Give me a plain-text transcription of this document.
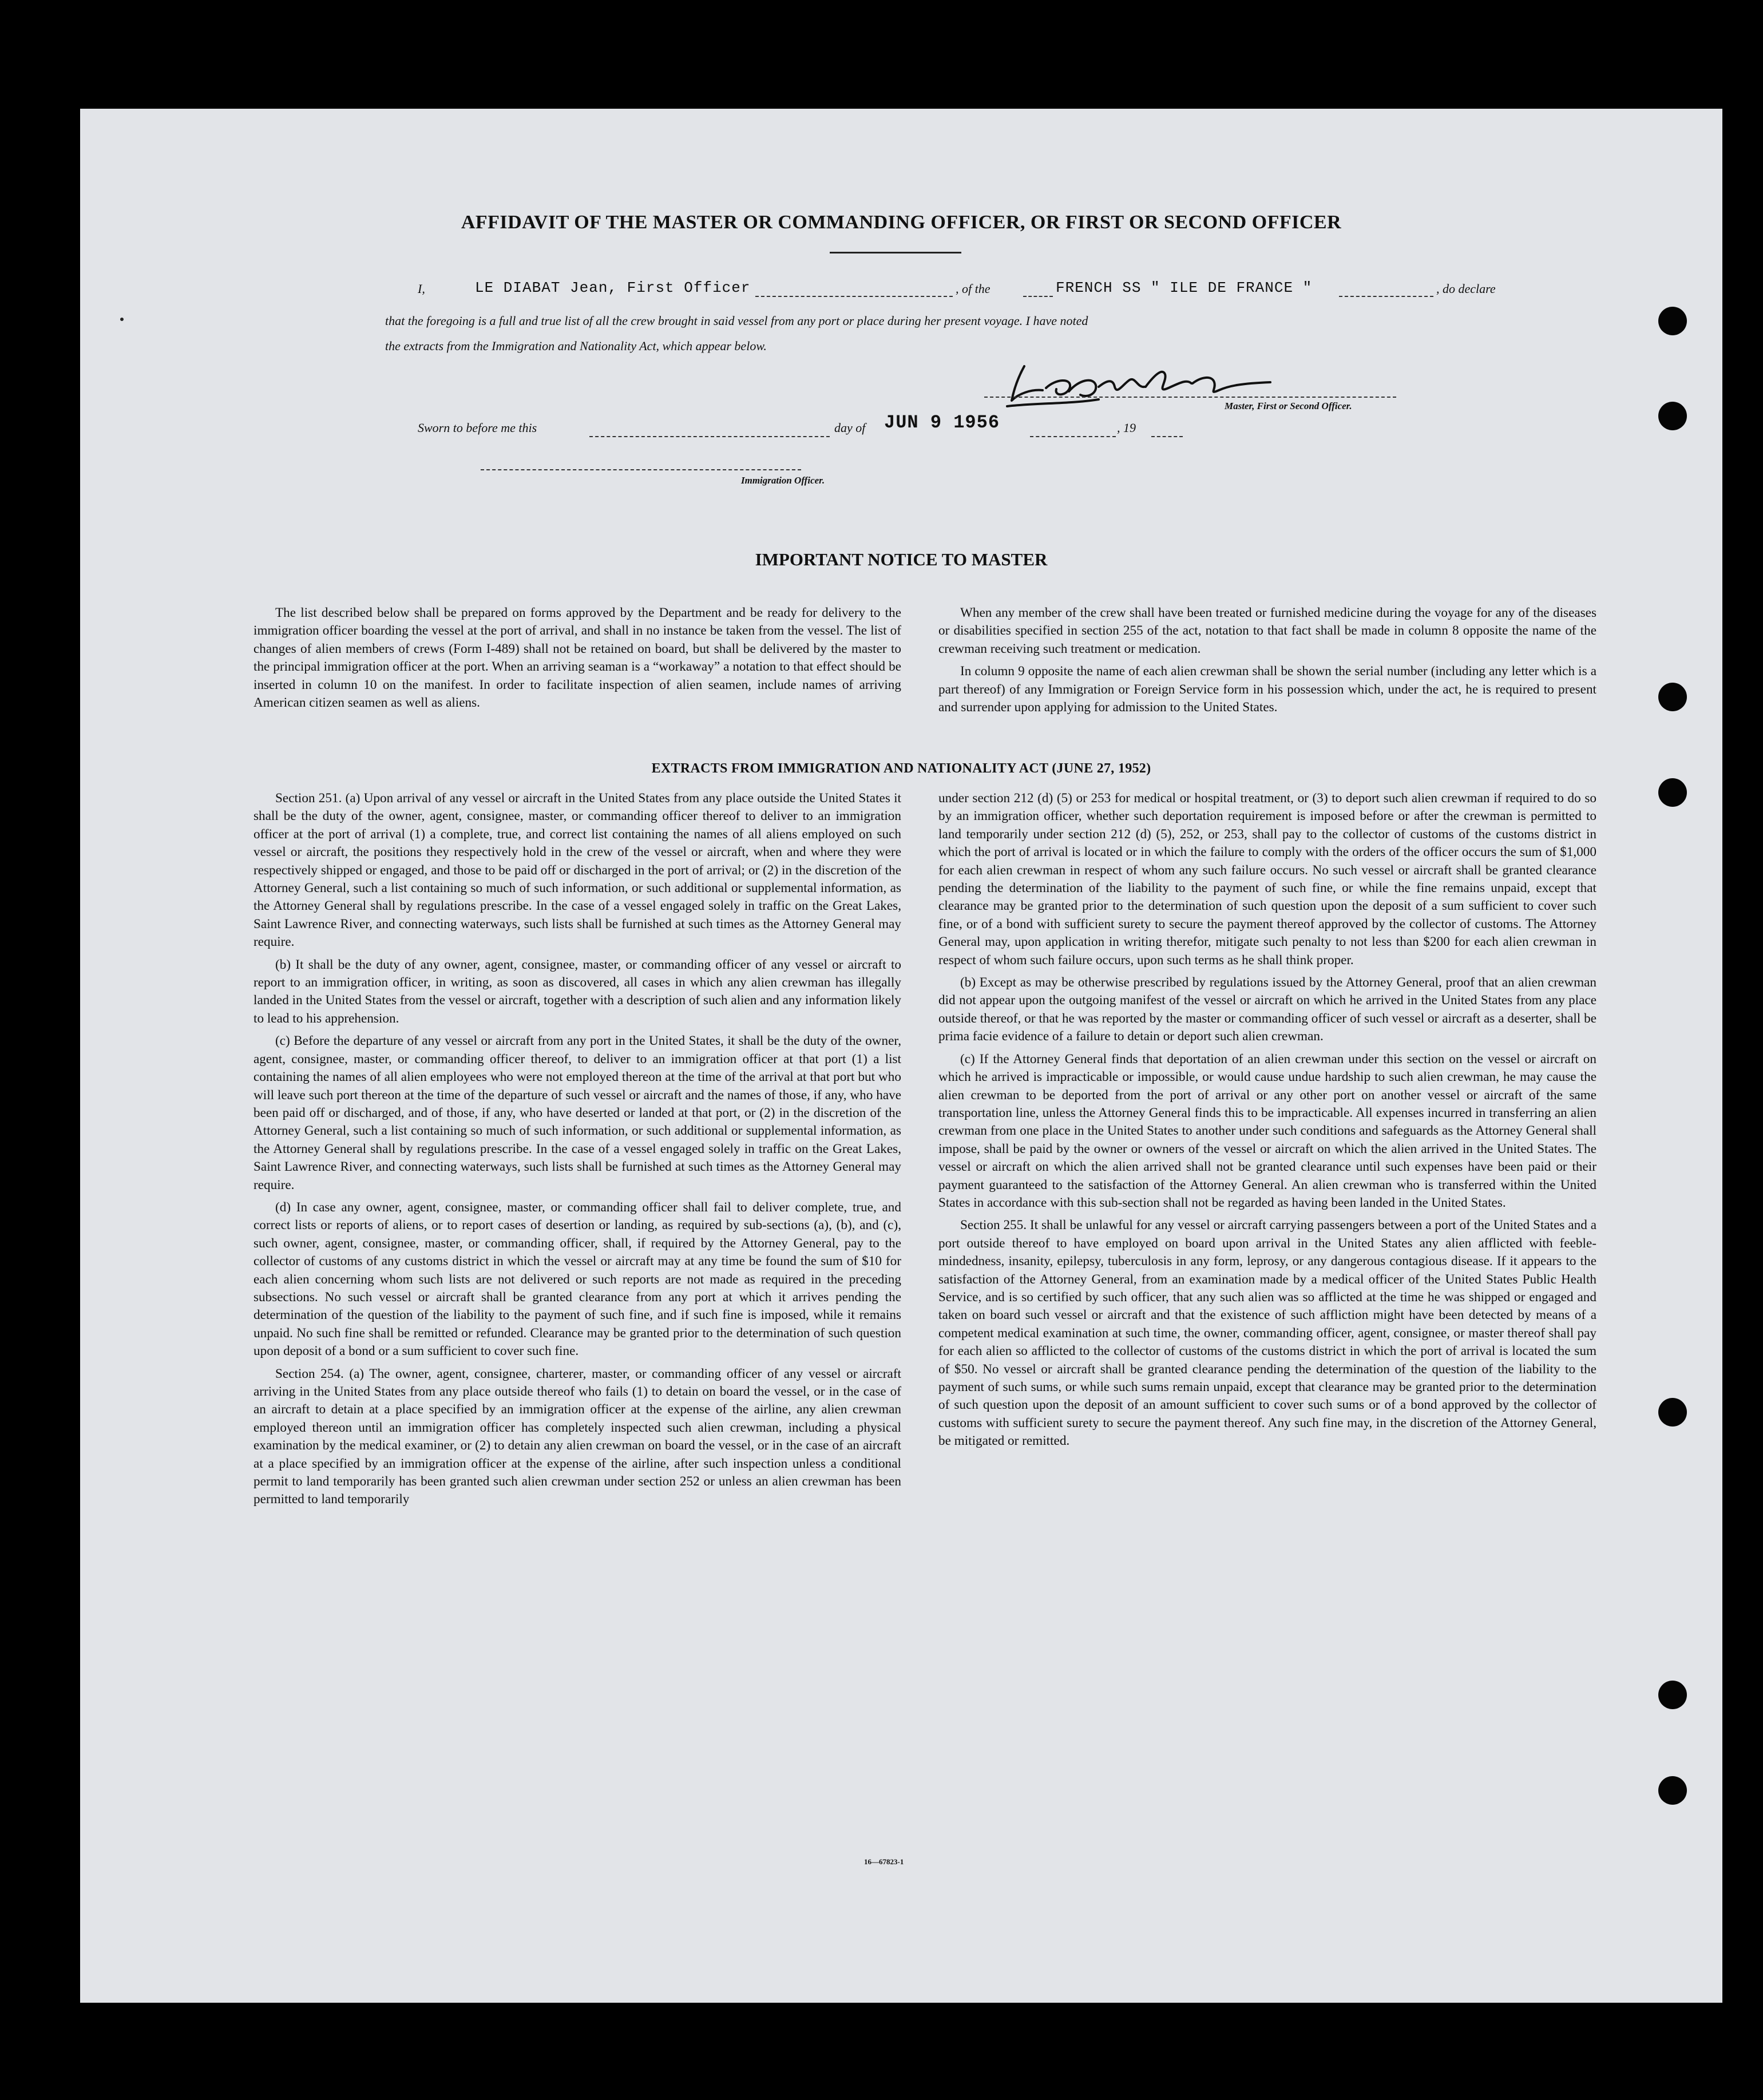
AFFIDAVIT OF THE MASTER OR COMMANDING OFFICER, OR FIRST OR SECOND OFFICER
I,	LE DIABAT Jean, First Officer	, of the	FRENCH SS " ILE DE FRANCE "	, do declare
that the foregoing is a full and true list of all the crew brought in said vessel from any port or place during her present voyage. I have noted
the extracts from the Immigration and Nationality Act, which appear below.
Master, First or Second Officer.
Sworn to before me this	day of JUN 9 1956	, 19
Immigration Officer.
IMPORTANT NOTICE TO MASTER

The list described below shall be prepared on forms approved by the Department and be ready for delivery to the immigration officer boarding the vessel at the port of arrival, and shall in no instance be taken from the vessel. The list of changes of alien members of crews (Form I-489) shall not be retained on board, but shall be delivered by the master to the principal immigration officer at the port. When an arriving seaman is a “workaway” a notation to that effect should be inserted in column 10 on the manifest. In order to facilitate inspection of alien seamen, include names of arriving American citizen seamen as well as aliens.

When any member of the crew shall have been treated or furnished medicine during the voyage for any of the diseases or disabilities specified in section 255 of the act, notation to that fact shall be made in column 8 opposite the name of the crewman receiving such treatment or medication.

In column 9 opposite the name of each alien crewman shall be shown the serial number (including any letter which is a part thereof) of any Immigration or Foreign Service form in his possession which, under the act, he is required to present and surrender upon applying for admission to the United States.

EXTRACTS FROM IMMIGRATION AND NATIONALITY ACT (JUNE 27, 1952)

Section 251. (a) Upon arrival of any vessel or aircraft in the United States from any place outside the United States it shall be the duty of the owner, agent, consignee, master, or commanding officer thereof to deliver to an immigration officer at the port of arrival (1) a complete, true, and correct list containing the names of all aliens employed on such vessel or aircraft, the positions they respectively hold in the crew of the vessel or aircraft, when and where they were respectively shipped or engaged, and those to be paid off or discharged in the port of arrival; or (2) in the discretion of the Attorney General, such a list containing so much of such information, or such additional or supplemental information, as the Attorney General shall by regulations prescribe. In the case of a vessel engaged solely in traffic on the Great Lakes, Saint Lawrence River, and connecting waterways, such lists shall be furnished at such times as the Attorney General may require.

(b) It shall be the duty of any owner, agent, consignee, master, or commanding officer of any vessel or aircraft to report to an immigration officer, in writing, as soon as discovered, all cases in which any alien crewman has illegally landed in the United States from the vessel or aircraft, together with a description of such alien and any information likely to lead to his apprehension.

(c) Before the departure of any vessel or aircraft from any port in the United States, it shall be the duty of the owner, agent, consignee, master, or commanding officer thereof, to deliver to an immigration officer at that port (1) a list containing the names of all alien employees who were not employed thereon at the time of the arrival at that port but who will leave such port thereon at the time of the departure of such vessel or aircraft and the names of those, if any, who have been paid off or discharged, and of those, if any, who have deserted or landed at that port, or (2) in the discretion of the Attorney General, such a list containing so much of such information, or such additional or supplemental information, as the Attorney General shall by regulations prescribe. In the case of a vessel engaged solely in traffic on the Great Lakes, Saint Lawrence River, and connecting waterways, such lists shall be furnished at such times as the Attorney General may require.

(d) In case any owner, agent, consignee, master, or commanding officer shall fail to deliver complete, true, and correct lists or reports of aliens, or to report cases of desertion or landing, as required by sub-sections (a), (b), and (c), such owner, agent, consignee, master, or commanding officer, shall, if required by the Attorney General, pay to the collector of customs of any customs district in which the vessel or aircraft may at any time be found the sum of $10 for each alien concerning whom such lists are not delivered or such reports are not made as required in the preceding subsections. No such vessel or aircraft shall be granted clearance from any port at which it arrives pending the determination of the question of the liability to the payment of such fine, and if such fine is imposed, while it remains unpaid. No such fine shall be remitted or refunded. Clearance may be granted prior to the determination of such question upon deposit of a bond or a sum sufficient to cover such fine.

Section 254. (a) The owner, agent, consignee, charterer, master, or commanding officer of any vessel or aircraft arriving in the United States from any place outside thereof who fails (1) to detain on board the vessel, or in the case of an aircraft to detain at a place specified by an immigration officer at the expense of the airline, any alien crewman employed thereon until an immigration officer has completely inspected such alien crewman, including a physical examination by the medical examiner, or (2) to detain any alien crewman on board the vessel, or in the case of an aircraft at a place specified by an immigration officer at the expense of the airline, after such inspection unless a conditional permit to land temporarily has been granted such alien crewman under section 252 or unless an alien crewman has been permitted to land temporarily

under section 212 (d) (5) or 253 for medical or hospital treatment, or (3) to deport such alien crewman if required to do so by an immigration officer, whether such deportation requirement is imposed before or after the crewman is permitted to land temporarily under section 212 (d) (5), 252, or 253, shall pay to the collector of customs of the customs district in which the port of arrival is located or in which the failure to comply with the orders of the officer occurs the sum of $1,000 for each alien crewman in respect of whom any such failure occurs. No such vessel or aircraft shall be granted clearance pending the determination of the liability to the payment of such fine, or while the fine remains unpaid, except that clearance may be granted prior to the determination of such question upon the deposit of a sum sufficient to cover such fine, or of a bond with sufficient surety to secure the payment thereof approved by the collector of customs. The Attorney General may, upon application in writing therefor, mitigate such penalty to not less than $200 for each alien crewman in respect of whom such failure occurs, upon such terms as he shall think proper.

(b) Except as may be otherwise prescribed by regulations issued by the Attorney General, proof that an alien crewman did not appear upon the outgoing manifest of the vessel or aircraft on which he arrived in the United States from any place outside thereof, or that he was reported by the master or commanding officer of such vessel or aircraft as a deserter, shall be prima facie evidence of a failure to detain or deport such alien crewman.

(c) If the Attorney General finds that deportation of an alien crewman under this section on the vessel or aircraft on which he arrived is impracticable or impossible, or would cause undue hardship to such alien crewman, he may cause the alien crewman to be deported from the port of arrival or any other port on another vessel or aircraft of the same transportation line, unless the Attorney General finds this to be impracticable. All expenses incurred in transferring an alien crewman from one place in the United States to another under such conditions and safeguards as the Attorney General shall impose, shall be paid by the owner or owners of the vessel or aircraft on which the alien arrived in the United States. The vessel or aircraft on which the alien arrived shall not be granted clearance until such expenses have been paid or their payment guaranteed to the satisfaction of the Attorney General. An alien crewman who is transferred within the United States in accordance with this sub-section shall not be regarded as having been landed in the United States.

Section 255. It shall be unlawful for any vessel or aircraft carrying passengers between a port of the United States and a port outside thereof to have employed on board upon arrival in the United States any alien afflicted with feeble-mindedness, insanity, epilepsy, tuberculosis in any form, leprosy, or any dangerous contagious disease. If it appears to the satisfaction of the Attorney General, from an examination made by a medical officer of the United States Public Health Service, and is so certified by such officer, that any such alien was so afflicted at the time he was shipped or engaged and taken on board such vessel or aircraft and that the existence of such affliction might have been detected by means of a competent medical examination at such time, the owner, commanding officer, agent, consignee, or master thereof shall pay for each alien so afflicted to the collector of customs of the customs district in which the port of arrival is located the sum of $50. No vessel or aircraft shall be granted clearance pending the determination of the question of the liability to the payment of such sums, or while such sums remain unpaid, except that clearance may be granted prior to the determination of such question upon the deposit of an amount sufficient to cover such sums or of a bond approved by the collector of customs with sufficient surety to secure the payment thereof. Any such fine may, in the discretion of the Attorney General, be mitigated or remitted.

16—67823-1
